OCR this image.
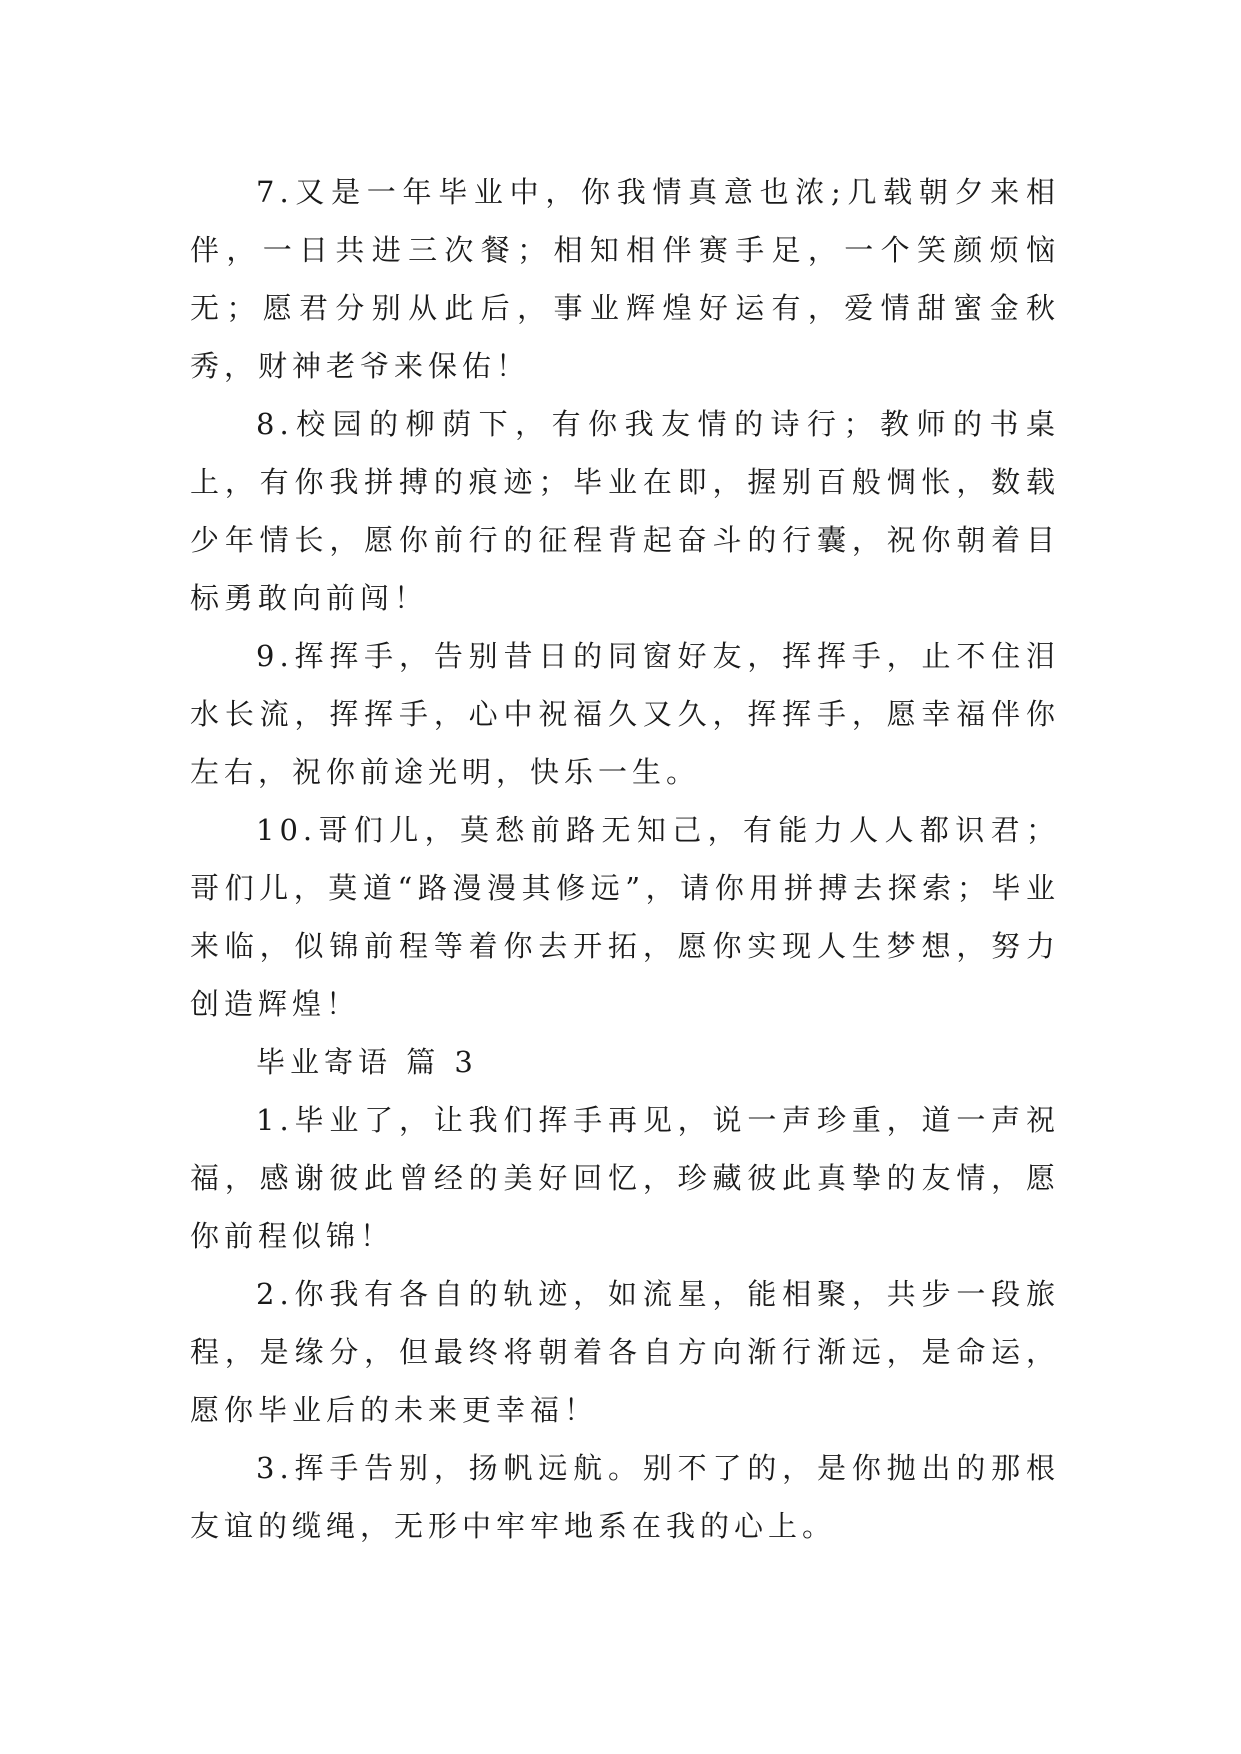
7.又是一年毕业中，你我情真意也浓;几载朝夕来相伴，一日共进三次餐；相知相伴赛手足，一个笑颜烦恼无；愿君分别从此后，事业辉煌好运有，爱情甜蜜金秋秀，财神老爷来保佑！

8.校园的柳荫下，有你我友情的诗行；教师的书桌上，有你我拼搏的痕迹；毕业在即，握别百般惆怅，数载少年情长，愿你前行的征程背起奋斗的行囊，祝你朝着目标勇敢向前闯！

9.挥挥手，告别昔日的同窗好友，挥挥手，止不住泪水长流，挥挥手，心中祝福久又久，挥挥手，愿幸福伴你左右，祝你前途光明，快乐一生。

10.哥们儿，莫愁前路无知己，有能力人人都识君；哥们儿，莫道“路漫漫其修远”，请你用拼搏去探索；毕业来临，似锦前程等着你去开拓，愿你实现人生梦想，努力创造辉煌！

毕业寄语 篇 3

1.毕业了，让我们挥手再见，说一声珍重，道一声祝福，感谢彼此曾经的美好回忆，珍藏彼此真挚的友情，愿你前程似锦！

2.你我有各自的轨迹，如流星，能相聚，共步一段旅程，是缘分，但最终将朝着各自方向渐行渐远，是命运，愿你毕业后的未来更幸福！

3.挥手告别，扬帆远航。别不了的，是你抛出的那根友谊的缆绳，无形中牢牢地系在我的心上。
